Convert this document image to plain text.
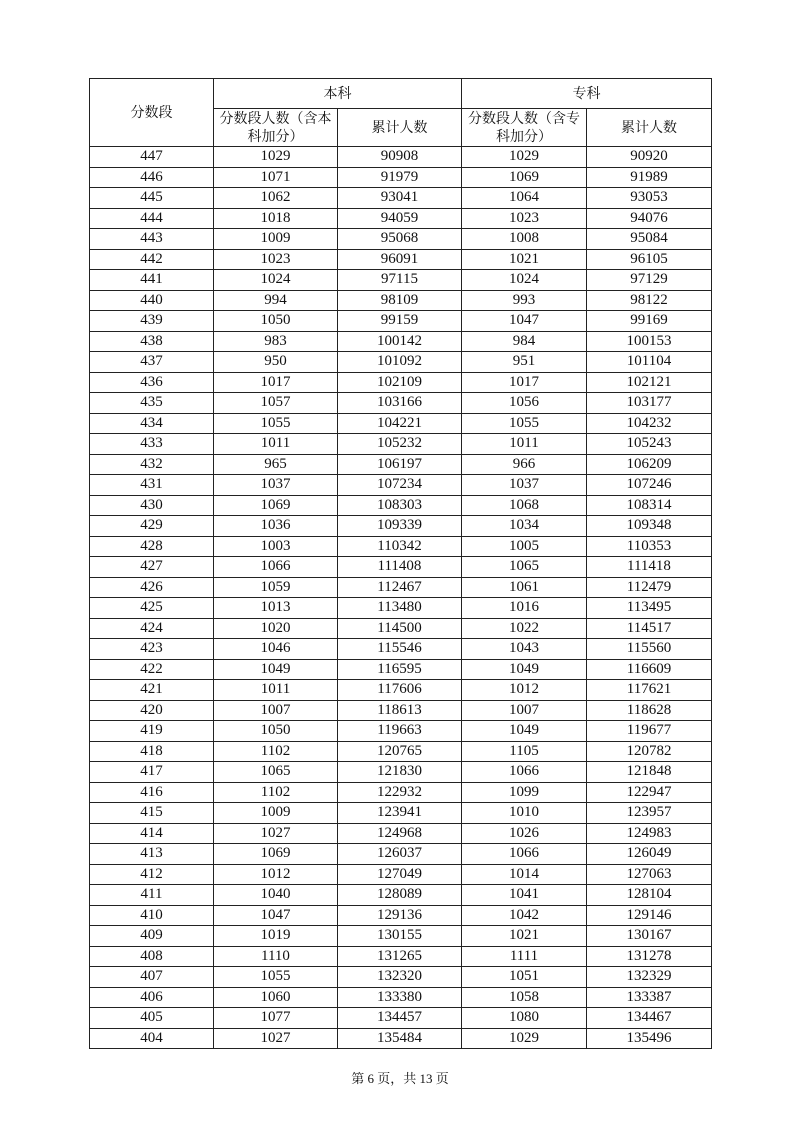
分数段	本科		专科	
	分数段人数（含本科加分）	累计人数	分数段人数（含专科加分）	累计人数
447	1029	90908	1029	90920
446	1071	91979	1069	91989
445	1062	93041	1064	93053
444	1018	94059	1023	94076
443	1009	95068	1008	95084
442	1023	96091	1021	96105
441	1024	97115	1024	97129
440	994	98109	993	98122
439	1050	99159	1047	99169
438	983	100142	984	100153
437	950	101092	951	101104
436	1017	102109	1017	102121
435	1057	103166	1056	103177
434	1055	104221	1055	104232
433	1011	105232	1011	105243
432	965	106197	966	106209
431	1037	107234	1037	107246
430	1069	108303	1068	108314
429	1036	109339	1034	109348
428	1003	110342	1005	110353
427	1066	111408	1065	111418
426	1059	112467	1061	112479
425	1013	113480	1016	113495
424	1020	114500	1022	114517
423	1046	115546	1043	115560
422	1049	116595	1049	116609
421	1011	117606	1012	117621
420	1007	118613	1007	118628
419	1050	119663	1049	119677
418	1102	120765	1105	120782
417	1065	121830	1066	121848
416	1102	122932	1099	122947
415	1009	123941	1010	123957
414	1027	124968	1026	124983
413	1069	126037	1066	126049
412	1012	127049	1014	127063
411	1040	128089	1041	128104
410	1047	129136	1042	129146
409	1019	130155	1021	130167
408	1110	131265	1111	131278
407	1055	132320	1051	132329
406	1060	133380	1058	133387
405	1077	134457	1080	134467
404	1027	135484	1029	135496
第 6 页，共 13 页
